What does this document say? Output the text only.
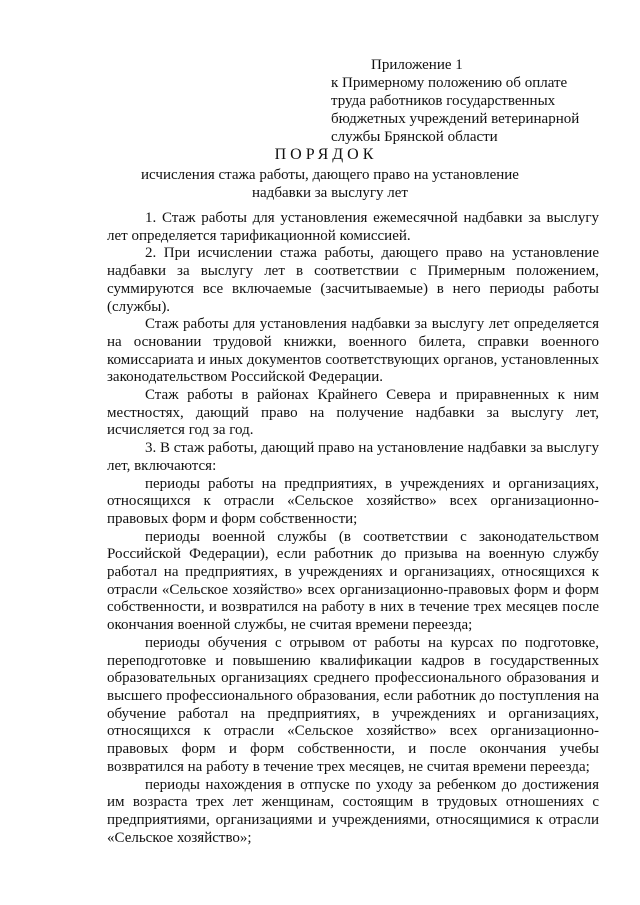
Приложение 1
к Примерному положению об оплате
труда работников государственных
бюджетных учреждений ветеринарной
службы Брянской области
ПОРЯДОК
исчисления стажа работы, дающего право на установление
надбавки за выслугу лет

1. Стаж работы для установления ежемесячной надбавки за выслугу лет определяется тарификационной комиссией.

2. При исчислении стажа работы, дающего право на установление надбавки за выслугу лет в соответствии с Примерным положением, суммируются все включаемые (засчитываемые) в него периоды работы (службы).

Стаж работы для установления надбавки за выслугу лет определяется на основании трудовой книжки, военного билета, справки военного комиссариата и иных документов соответствующих органов, установленных законодательством Российской Федерации.

Стаж работы в районах Крайнего Севера и приравненных к ним местностях, дающий право на получение надбавки за выслугу лет, исчисляется год за год.

3. В стаж работы, дающий право на установление надбавки за выслугу лет, включаются:

периоды работы на предприятиях, в учреждениях и организациях, относящихся к отрасли «Сельское хозяйство» всех организационно-правовых форм и форм собственности;

периоды военной службы (в соответствии с законодательством Российской Федерации), если работник до призыва на военную службу работал на предприятиях, в учреждениях и организациях, относящихся к отрасли «Сельское хозяйство» всех организационно-правовых форм и форм собственности, и возвратился на работу в них в течение трех месяцев после окончания военной службы, не считая времени переезда;

периоды обучения с отрывом от работы на курсах по подготовке, переподготовке и повышению квалификации кадров в государственных образовательных организациях среднего профессионального образования и высшего профессионального образования, если работник до поступления на обучение работал на предприятиях, в учреждениях и организациях, относящихся к отрасли «Сельское хозяйство» всех организационно-правовых форм и форм собственности, и после окончания учебы возвратился на работу в течение трех месяцев, не считая времени переезда;

периоды нахождения в отпуске по уходу за ребенком до достижения им возраста трех лет женщинам, состоящим в трудовых отношениях с предприятиями, организациями и учреждениями, относящимися к отрасли «Сельское хозяйство»;
